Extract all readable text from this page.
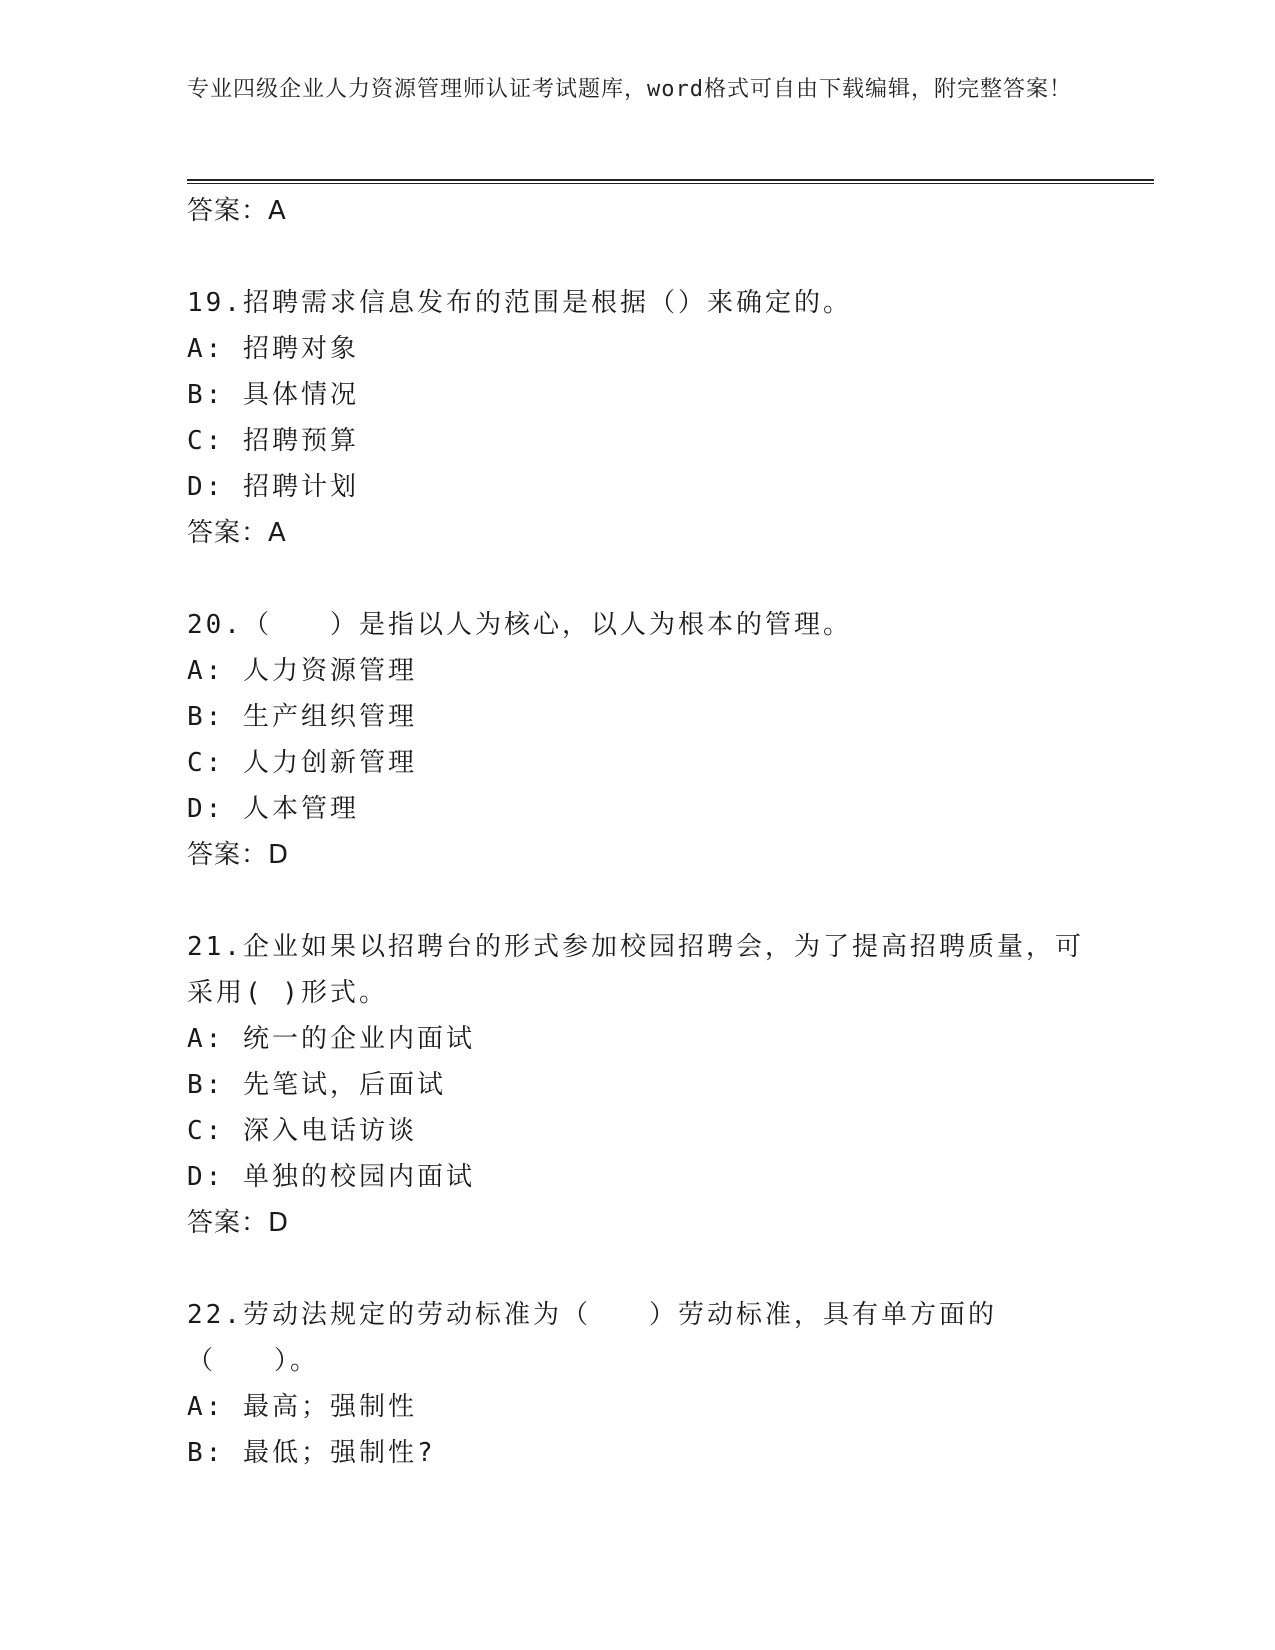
专业四级企业人力资源管理师认证考试题库，word格式可自由下载编辑，附完整答案！
答案：A
19.招聘需求信息发布的范围是根据（）来确定的。
A: 招聘对象
B: 具体情况
C: 招聘预算
D: 招聘计划
答案：A
20.（　　）是指以人为核心，以人为根本的管理。
A: 人力资源管理
B: 生产组织管理
C: 人力创新管理
D: 人本管理
答案：D
21.企业如果以招聘台的形式参加校园招聘会，为了提高招聘质量，可采用( )形式。
A: 统一的企业内面试
B: 先笔试，后面试
C: 深入电话访谈
D: 单独的校园内面试
答案：D
22.劳动法规定的劳动标准为（　　）劳动标准，具有单方面的（　　）。
A: 最高；强制性
B: 最低；强制性?
